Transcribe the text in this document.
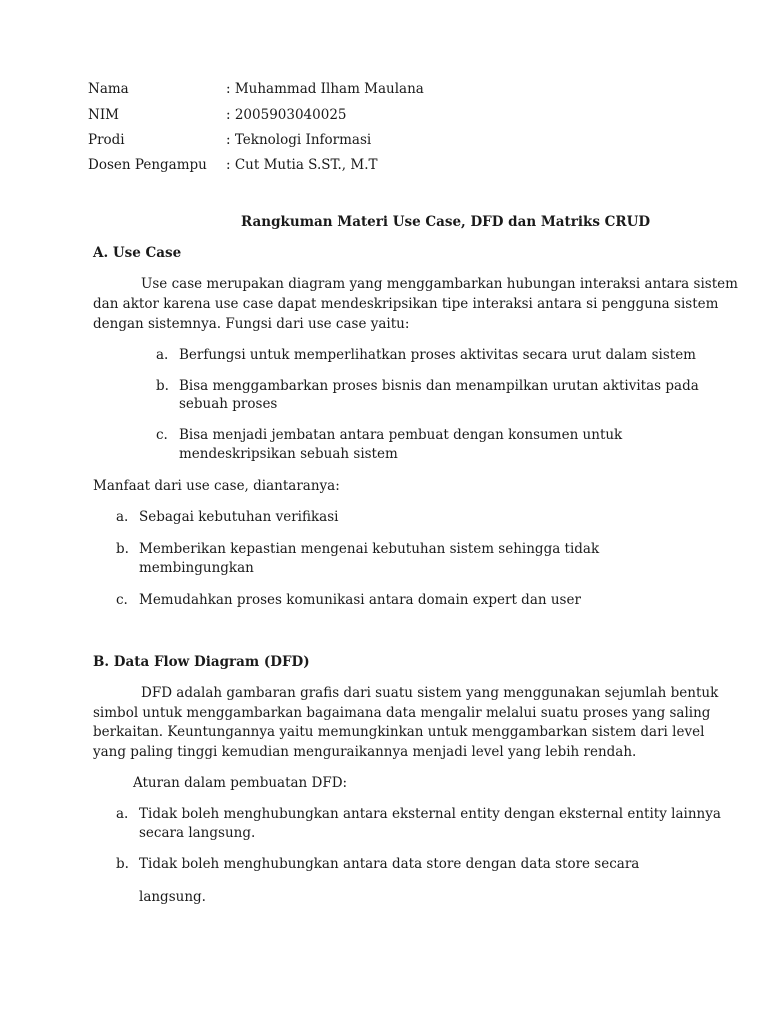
Nama	: Muhammad Ilham Maulana
NIM	: 2005903040025
Prodi	: Teknologi Informasi
Dosen Pengampu : Cut Mutia S.ST., M.T
Rangkuman Materi Use Case, DFD dan Matriks CRUD
A. Use Case
Use case merupakan diagram yang menggambarkan hubungan interaksi antara sistem
dan aktor karena use case dapat mendeskripsikan tipe interaksi antara si pengguna sistem
dengan sistemnya. Fungsi dari use case yaitu:
a. Berfungsi untuk memperlihatkan proses aktivitas secara urut dalam sistem
b. Bisa menggambarkan proses bisnis dan menampilkan urutan aktivitas pada
sebuah proses
c. Bisa menjadi jembatan antara pembuat dengan konsumen untuk
mendeskripsikan sebuah sistem
Manfaat dari use case, diantaranya:
a. Sebagai kebutuhan verifikasi
b. Memberikan kepastian mengenai kebutuhan sistem sehingga tidak
membingungkan
c. Memudahkan proses komunikasi antara domain expert dan user
B. Data Flow Diagram (DFD)
DFD adalah gambaran grafis dari suatu sistem yang menggunakan sejumlah bentuk
simbol untuk menggambarkan bagaimana data mengalir melalui suatu proses yang saling
berkaitan. Keuntungannya yaitu memungkinkan untuk menggambarkan sistem dari level
yang paling tinggi kemudian menguraikannya menjadi level yang lebih rendah.
Aturan dalam pembuatan DFD:
a. Tidak boleh menghubungkan antara eksternal entity dengan eksternal entity lainnya
secara langsung.
b. Tidak boleh menghubungkan antara data store dengan data store secara
langsung.
